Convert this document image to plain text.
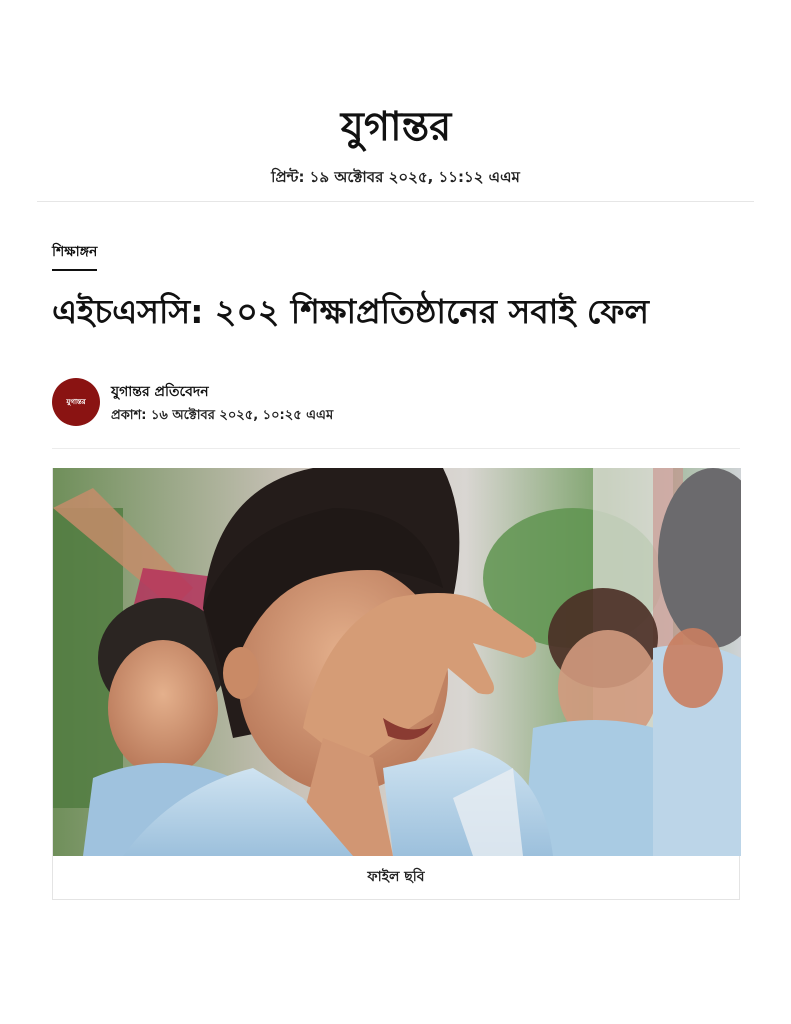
যুগান্তর
প্রিন্ট: ১৯ অক্টোবর ২০২৫, ১১:১২ এএম
শিক্ষাঙ্গন
এইচএসসি: ২০২ শিক্ষাপ্রতিষ্ঠানের সবাই ফেল
যুগান্তর
যুগান্তর প্রতিবেদন
প্রকাশ: ১৬ অক্টোবর ২০২৫, ১০:২৫ এএম
ফাইল ছবি
